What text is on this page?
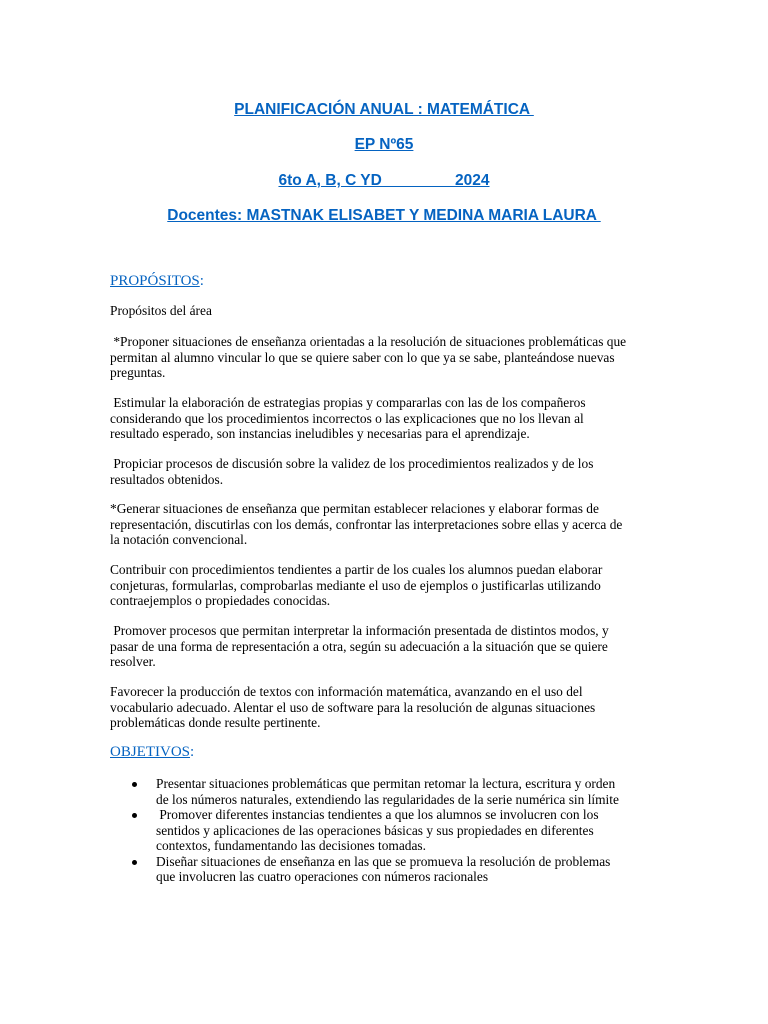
PLANIFICACIÓN ANUAL : MATEMÁTICA

EP Nº65

6to A, B, C YD                 2024

Docentes: MASTNAK ELISABET Y MEDINA MARIA LAURA

PROPÓSITOS:

Propósitos del área

*Proponer situaciones de enseñanza orientadas a la resolución de situaciones problemáticas que
permitan al alumno vincular lo que se quiere saber con lo que ya se sabe, planteándose nuevas
preguntas.

Estimular la elaboración de estrategias propias y compararlas con las de los compañeros
considerando que los procedimientos incorrectos o las explicaciones que no los llevan al
resultado esperado, son instancias ineludibles y necesarias para el aprendizaje.

Propiciar procesos de discusión sobre la validez de los procedimientos realizados y de los
resultados obtenidos.

*Generar situaciones de enseñanza que permitan establecer relaciones y elaborar formas de
representación, discutirlas con los demás, confrontar las interpretaciones sobre ellas y acerca de
la notación convencional.

Contribuir con procedimientos tendientes a partir de los cuales los alumnos puedan elaborar
conjeturas, formularlas, comprobarlas mediante el uso de ejemplos o justificarlas utilizando
contraejemplos o propiedades conocidas.

Promover procesos que permitan interpretar la información presentada de distintos modos, y
pasar de una forma de representación a otra, según su adecuación a la situación que se quiere
resolver.

Favorecer la producción de textos con información matemática, avanzando en el uso del
vocabulario adecuado. Alentar el uso de software para la resolución de algunas situaciones
problemáticas donde resulte pertinente.

OBJETIVOS:

Presentar situaciones problemáticas que permitan retomar la lectura, escritura y orden
de los números naturales, extendiendo las regularidades de la serie numérica sin límite
Promover diferentes instancias tendientes a que los alumnos se involucren con los
sentidos y aplicaciones de las operaciones básicas y sus propiedades en diferentes
contextos, fundamentando las decisiones tomadas.
Diseñar situaciones de enseñanza en las que se promueva la resolución de problemas
que involucren las cuatro operaciones con números racionales
